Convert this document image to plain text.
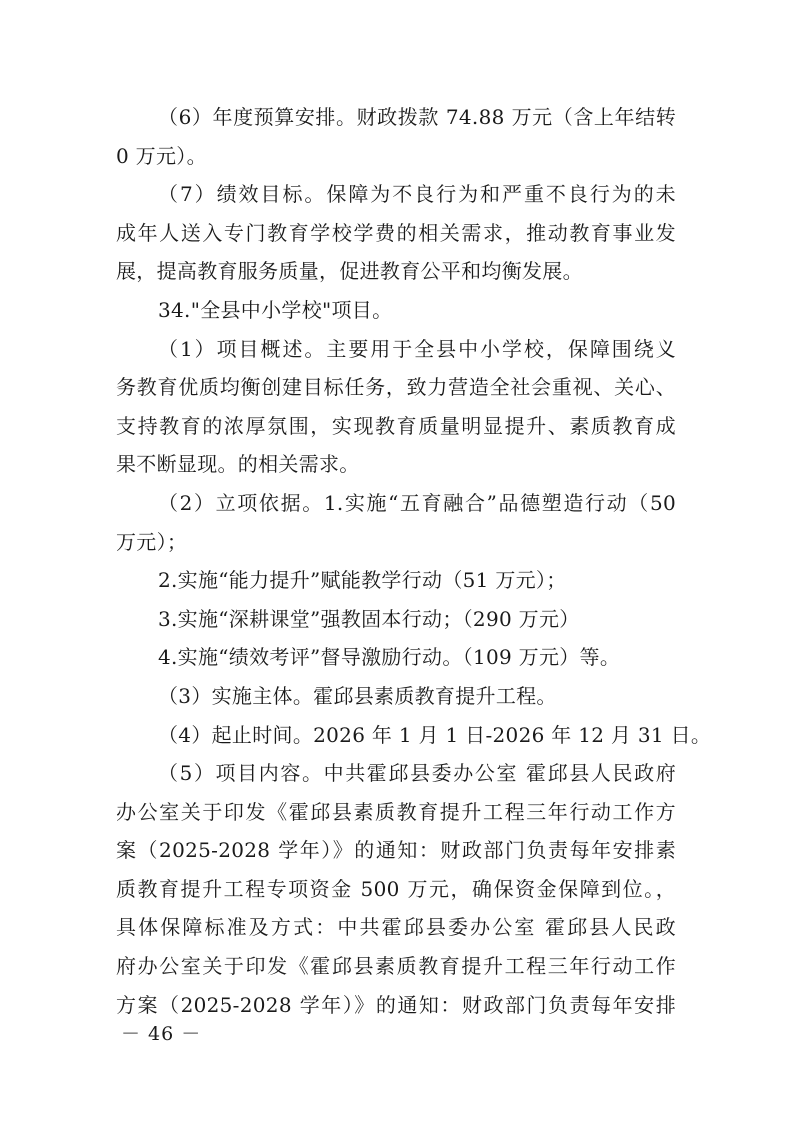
（6）年度预算安排。财政拨款 74.88 万元（含上年结转
0 万元）。
（7）绩效目标。保障为不良行为和严重不良行为的未
成年人送入专门教育学校学费的相关需求，推动教育事业发
展，提高教育服务质量，促进教育公平和均衡发展。
34."全县中小学校"项目。
（1）项目概述。主要用于全县中小学校，保障围绕义
务教育优质均衡创建目标任务，致力营造全社会重视、关心、
支持教育的浓厚氛围，实现教育质量明显提升、素质教育成
果不断显现。的相关需求。
（2）立项依据。1.实施“五育融合”品德塑造行动（50
万元）；
2.实施“能力提升”赋能教学行动（51 万元）；
3.实施“深耕课堂”强教固本行动；（290 万元）
4.实施“绩效考评”督导激励行动。（109 万元）等。
（3）实施主体。霍邱县素质教育提升工程。
（4）起止时间。2026 年 1 月 1 日-2026 年 12 月 31 日。
（5）项目内容。中共霍邱县委办公室 霍邱县人民政府
办公室关于印发《霍邱县素质教育提升工程三年行动工作方
案（2025-2028 学年）》的通知：财政部门负责每年安排素
质教育提升工程专项资金 500 万元，确保资金保障到位。，
具体保障标准及方式：中共霍邱县委办公室 霍邱县人民政
府办公室关于印发《霍邱县素质教育提升工程三年行动工作
方案（2025-2028 学年）》的通知：财政部门负责每年安排
－ 46 －
